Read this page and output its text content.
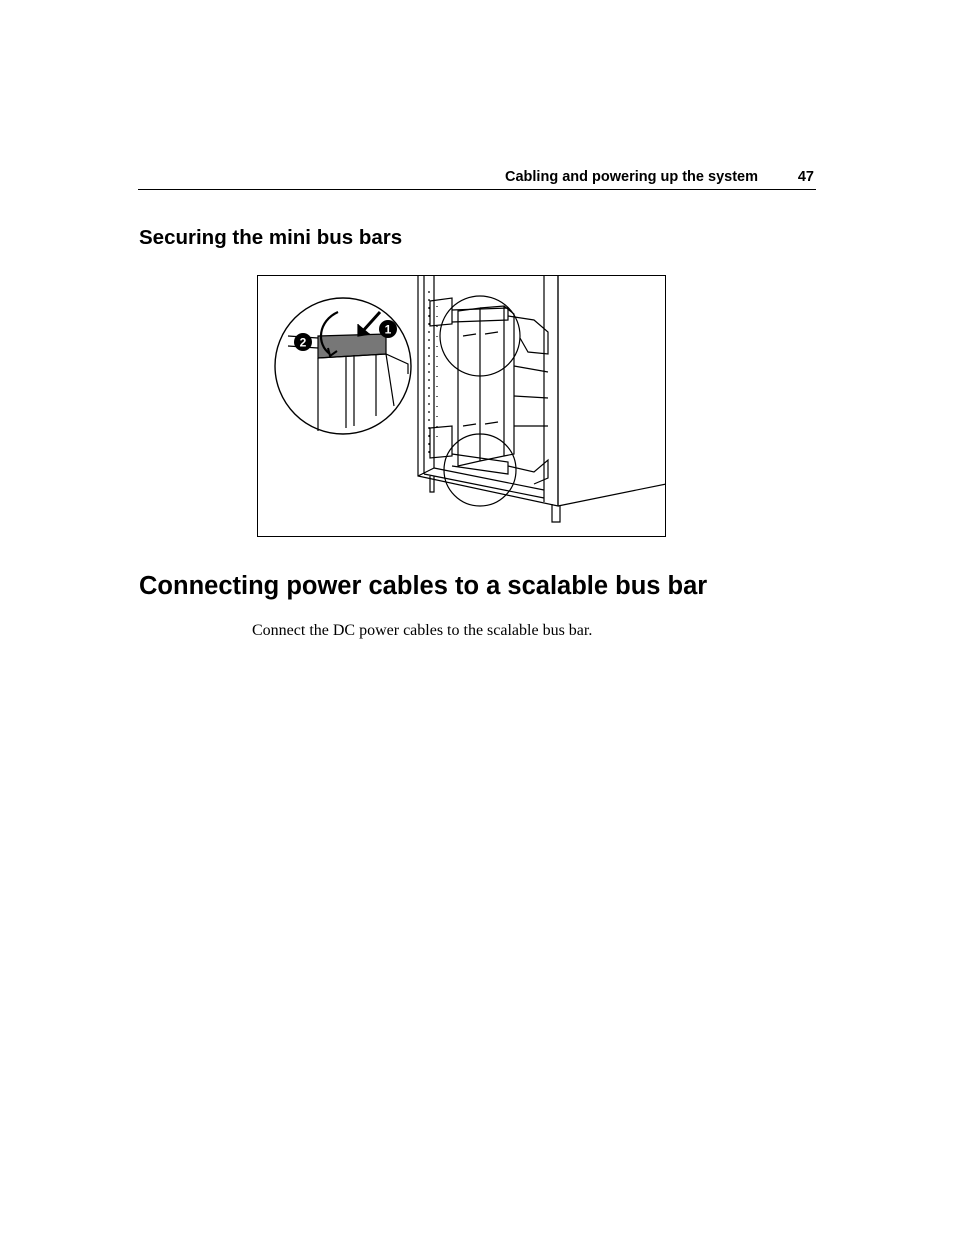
Cabling and powering up the system	47
Securing the mini bus bars
1
2
Connecting power cables to a scalable bus bar

Connect the DC power cables to the scalable bus bar.
